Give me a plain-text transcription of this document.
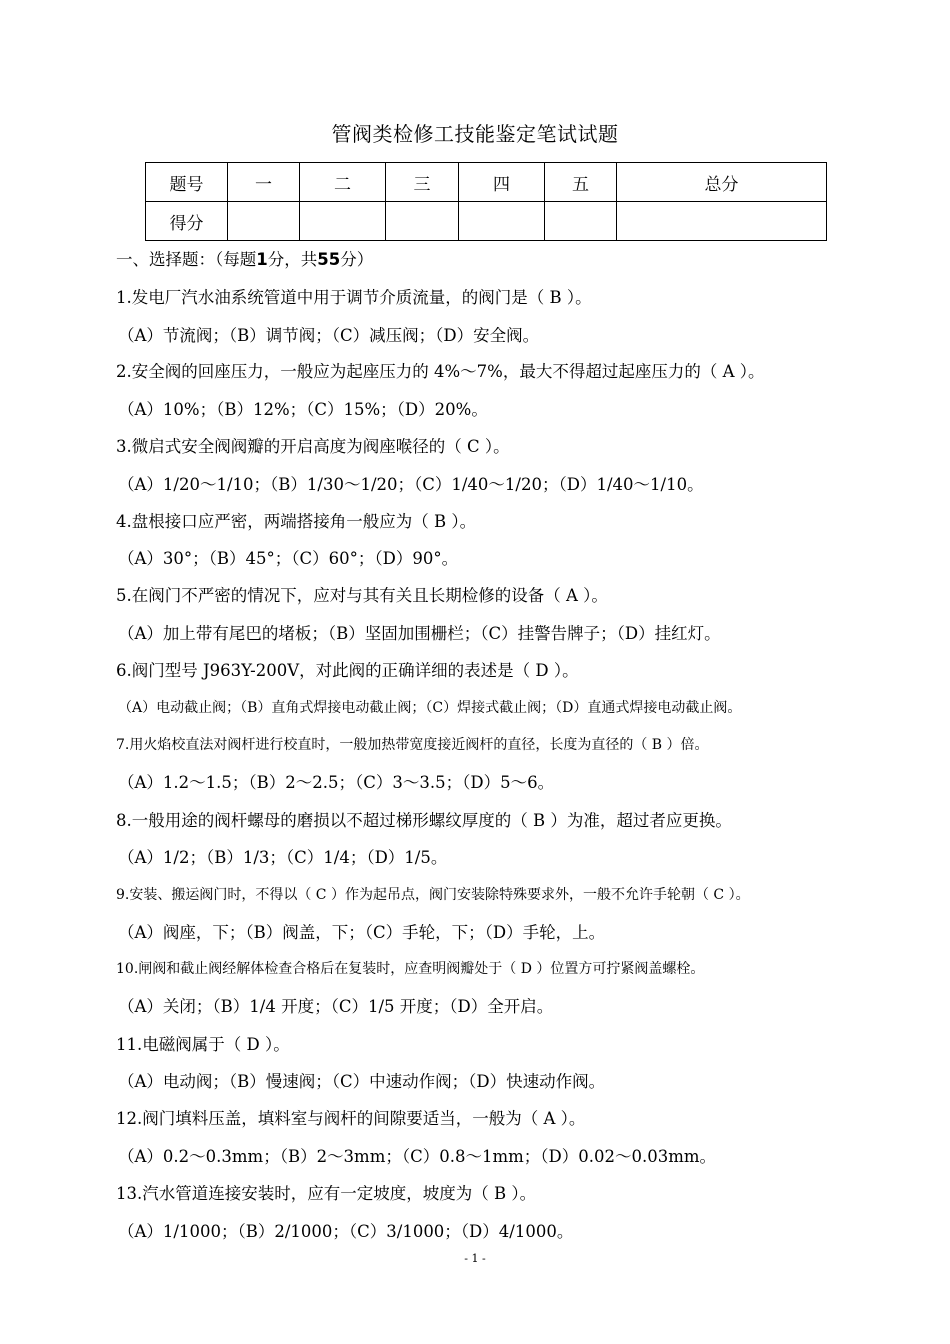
管阀类检修工技能鉴定笔试试题
题号	一	二	三	四	五	总分
得分						
一、选择题：（每题1分，共55分）
1.发电厂汽水油系统管道中用于调节介质流量，的阀门是（ B ）。
（A）节流阀；（B）调节阀；（C）减压阀；（D）安全阀。
2.安全阀的回座压力，一般应为起座压力的 4%～7%，最大不得超过起座压力的（ A ）。
（A）10%；（B）12%；（C）15%；（D）20%。
3.微启式安全阀阀瓣的开启高度为阀座喉径的（ C ）。
（A）1/20～1/10；（B）1/30～1/20；（C）1/40～1/20；（D）1/40～1/10。
4.盘根接口应严密，两端搭接角一般应为（ B ）。
（A）30°；（B）45°；（C）60°；（D）90°。
5.在阀门不严密的情况下，应对与其有关且长期检修的设备（ A ）。
（A）加上带有尾巴的堵板；（B）坚固加围栅栏；（C）挂警告牌子；（D）挂红灯。
6.阀门型号 J963Y-200V，对此阀的正确详细的表述是（ D ）。
（A）电动截止阀；（B）直角式焊接电动截止阀；（C）焊接式截止阀；（D）直通式焊接电动截止阀。
7.用火焰校直法对阀杆进行校直时，一般加热带宽度接近阀杆的直径，长度为直径的（ B ）倍。
（A）1.2～1.5；（B）2～2.5；（C）3～3.5；（D）5～6。
8.一般用途的阀杆螺母的磨损以不超过梯形螺纹厚度的（ B ）为准，超过者应更换。
（A）1/2；（B）1/3；（C）1/4；（D）1/5。
9.安装、搬运阀门时，不得以（ C ）作为起吊点，阀门安装除特殊要求外，一般不允许手轮朝（ C ）。
（A）阀座，下；（B）阀盖，下；（C）手轮，下；（D）手轮，上。
10.闸阀和截止阀经解体检查合格后在复装时，应查明阀瓣处于（ D ）位置方可拧紧阀盖螺栓。
（A）关闭；（B）1/4 开度；（C）1/5 开度；（D）全开启。
11.电磁阀属于（ D ）。
（A）电动阀；（B）慢速阀；（C）中速动作阀；（D）快速动作阀。
12.阀门填料压盖，填料室与阀杆的间隙要适当，一般为（ A ）。
（A）0.2～0.3mm；（B）2～3mm；（C）0.8～1mm；（D）0.02～0.03mm。
13.汽水管道连接安装时，应有一定坡度，坡度为（ B ）。
（A）1/1000；（B）2/1000；（C）3/1000；（D）4/1000。
- 1 -
